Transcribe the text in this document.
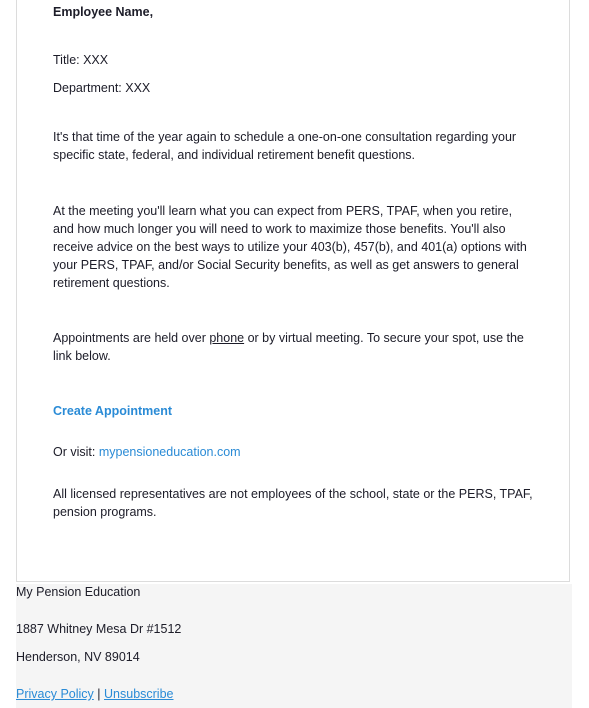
Employee Name,
Title: XXX
Department: XXX
It's that time of the year again to schedule a one-on-one consultation regarding your specific state, federal, and individual retirement benefit questions.
At the meeting you'll learn what you can expect from PERS, TPAF, when you retire, and how much longer you will need to work to maximize those benefits. You'll also receive advice on the best ways to utilize your 403(b), 457(b), and 401(a) options with your PERS, TPAF, and/or Social Security benefits, as well as get answers to general retirement questions.
Appointments are held over phone or by virtual meeting. To secure your spot, use the link below.
Create Appointment
Or visit: mypensioneducation.com
All licensed representatives are not employees of the school, state or the PERS, TPAF, pension programs.
My Pension Education
1887 Whitney Mesa Dr #1512
Henderson, NV 89014
Privacy Policy | Unsubscribe
